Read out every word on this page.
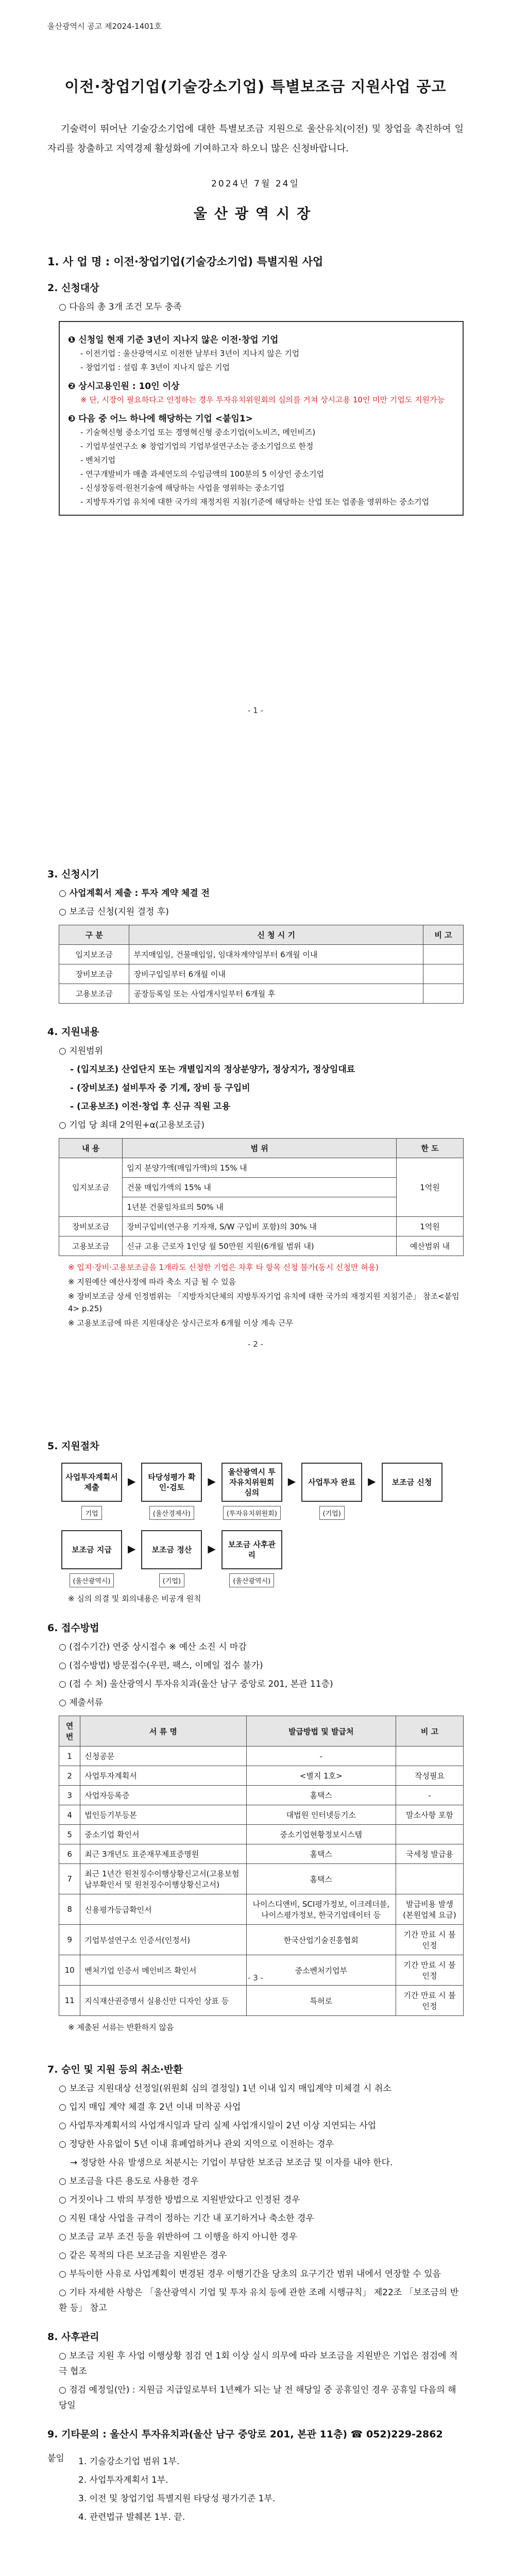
울산광역시 공고 제2024-1401호
이전·창업기업(기술강소기업) 특별보조금 지원사업 공고

기술력이 뛰어난 기술강소기업에 대한 특별보조금 지원으로 울산유치(이전) 및 창업을 촉진하여 일자리를 창출하고 지역경제 활성화에 기여하고자 하오니 많은 신청바랍니다.

2024년 7월 24일
울산광역시장
1. 사 업 명 : 이전·창업기업(기술강소기업) 특별지원 사업
2. 신청대상
○ 다음의 총 3개 조건 모두 충족
❶ 신청일 현재 기준 3년이 지나지 않은 이전·창업 기업
- 이전기업 : 울산광역시로 이전한 날부터 3년이 지나지 않은 기업
- 창업기업 : 설립 후 3년이 지나지 않은 기업
❷ 상시고용인원 : 10인 이상
※ 단, 시장이 필요하다고 인정하는 경우 투자유치위원회의 심의를 거쳐 상시고용 10인 미만 기업도 지원가능
❸ 다음 중 어느 하나에 해당하는 기업 <붙임1>
- 기술혁신형 중소기업 또는 경영혁신형 중소기업(이노비즈, 메인비즈)
- 기업부설연구소 ※ 창업기업의 기업부설연구소는 중소기업으로 한정
- 벤처기업
- 연구개발비가 매출 과세연도의 수입금액의 100분의 5 이상인 중소기업
- 신성장동력·원천기술에 해당하는 사업을 영위하는 중소기업
- 지방투자기업 유치에 대한 국가의 재정지원 지침(기준에 해당하는 산업 또는 업종을 영위하는 중소기업
- 1 -
3. 신청시기
○ 사업계획서 제출 : 투자 계약 체결 전
○ 보조금 신청(지원 결정 후)
구 분	신 청 시 기	비 고
입지보조금	부지매입일, 건물매입일, 임대차계약일부터 6개월 이내	
장비보조금	장비구입일부터 6개월 이내	
고용보조금	공장등록일 또는 사업개시일부터 6개월 후	
4. 지원내용
○ 지원범위
- (입지보조) 산업단지 또는 개별입지의 정상분양가, 정상지가, 정상임대료
- (장비보조) 설비투자 중 기계, 장비 등 구입비
- (고용보조) 이전·창업 후 신규 직원 고용
○ 기업 당 최대 2억원+α(고용보조금)
내 용	범 위	한 도
입지보조금	입지 분양가액(매입가액)의 15% 내	1억원
	건물 매입가액의 15% 내	
	1년분 건물임차료의 50% 내	
장비보조금	장비구입비(연구용 기자재, S/W 구입비 포함)의 30% 내	1억원
고용보조금	신규 고용 근로자 1인당 월 50만원 지원(6개월 범위 내)	예산범위 내
※ 입지·장비·고용보조금을 1개라도 신청한 기업은 차후 타 항목 신청 불가(동시 신청만 허용)
※ 지원예산 예산사정에 따라 축소 지급 될 수 있음
※ 장비보조금 상세 인정범위는 「지방자치단체의 지방투자기업 유치에 대한 국가의 재정지원 지침기준」 참조<붙임4> p.25)
※ 고용보조금에 따른 지원대상은 상시근로자 6개월 이상 계속 근무
- 2 -
5. 지원절차
사업투자계획서 제출
기업
▶	타당성평가 확인·검토
(울산경제사)
▶
울산광역시 투자유치위원회 심의
(투자유치위원회)
▶	사업투자 완료
(기업)
▶	보조금 신청
보조금 지급
(울산광역시)
▶	보조금 정산
(기업)
▶	보조금 사후관리
(울산광역시)
※ 심의 의결 및 회의내용은 비공개 원칙
6. 접수방법
○ (접수기간) 연중 상시접수 ※ 예산 소진 시 마감
○ (접수방법) 방문접수(우편, 팩스, 이메일 접수 불가)
○ (접 수 처) 울산광역시 투자유치과(울산 남구 중앙로 201, 본관 11층)
○ 제출서류
연번	서 류 명	발급방법 및 발급처	비 고
1	신청공문	-	
2	사업투자계획서	<별지 1호>	작성필요
3	사업자등록증	홈택스	-
4	법인등기부등본	대법원 인터넷등기소	말소사항 포함
5	중소기업 확인서	중소기업현황정보시스템	
6	최근 3개년도 표준재무제표증명원	홈택스	국세청 발급용
7	최근 1년간 원천징수이행상황신고서(고용보험 납부확인서 및 원천징수이행상황신고서)	홈택스	
8	신용평가등급확인서	나이스디앤비, SCI평가정보, 이크레더블, 나이스평가정보, 한국기업데이터 등	발급비용 발생 (본원업체 요금)
9	기업부설연구소 인증서(인정서)	한국산업기술진흥협회	기간 만료 시 불인정
10	벤처기업 인증서 메인비즈 확인서	중소벤처기업부	기간 만료 시 불인정
11	지식재산권증명서 실용신안 디자인 상표 등	특허로	기간 만료 시 불인정
※ 제출된 서류는 반환하지 않음
- 3 -
7. 승인 및 지원 등의 취소·반환
○ 보조금 지원대상 선정일(위원회 심의 결정일) 1년 이내 입지 매입계약 미체결 시 취소
○ 입지 매입 계약 체결 후 2년 이내 미착공 사업
○ 사업투자계획서의 사업개시일과 달리 실제 사업개시일이 2년 이상 지연되는 사업
○ 정당한 사유없이 5년 이내 휴폐업하거나 관외 지역으로 이전하는 경우
→ 정당한 사유 발생으로 처분시는 기업이 부담한 보조금 보조금 및 이자를 내야 한다.
○ 보조금을 다른 용도로 사용한 경우
○ 거짓이나 그 밖의 부정한 방법으로 지원받았다고 인정된 경우
○ 지원 대상 사업을 규격이 정하는 기간 내 포기하거나 축소한 경우
○ 보조금 교부 조건 등을 위반하여 그 이행을 하지 아니한 경우
○ 같은 목적의 다른 보조금을 지원받은 경우
○ 부득이한 사유로 사업계획이 변경된 경우 이행기간을 당초의 요구기간 범위 내에서 연장할 수 있음
○ 기타 자세한 사항은 「울산광역시 기업 및 투자 유치 등에 관한 조례 시행규칙」 제22조 「보조금의 반환 등」 참고
8. 사후관리
○ 보조금 지원 후 사업 이행상황 점검 연 1회 이상 실시 의무에 따라 보조금을 지원받은 기업은 점검에 적극 협조
○ 점검 예정일(안) : 지원금 지급일로부터 1년째가 되는 날 전 해당일 중 공휴일인 경우 공휴일 다음의 해당일
9. 기타문의 : 울산시 투자유치과(울산 남구 중앙로 201, 본관 11층) ☎ 052)229-2862
붙임	1. 기술강소기업 범위 1부.
2. 사업투자계획서 1부.
3. 이전 및 창업기업 특별지원 타당성 평가기준 1부.
4. 관련법규 발췌본 1부. 끝.
